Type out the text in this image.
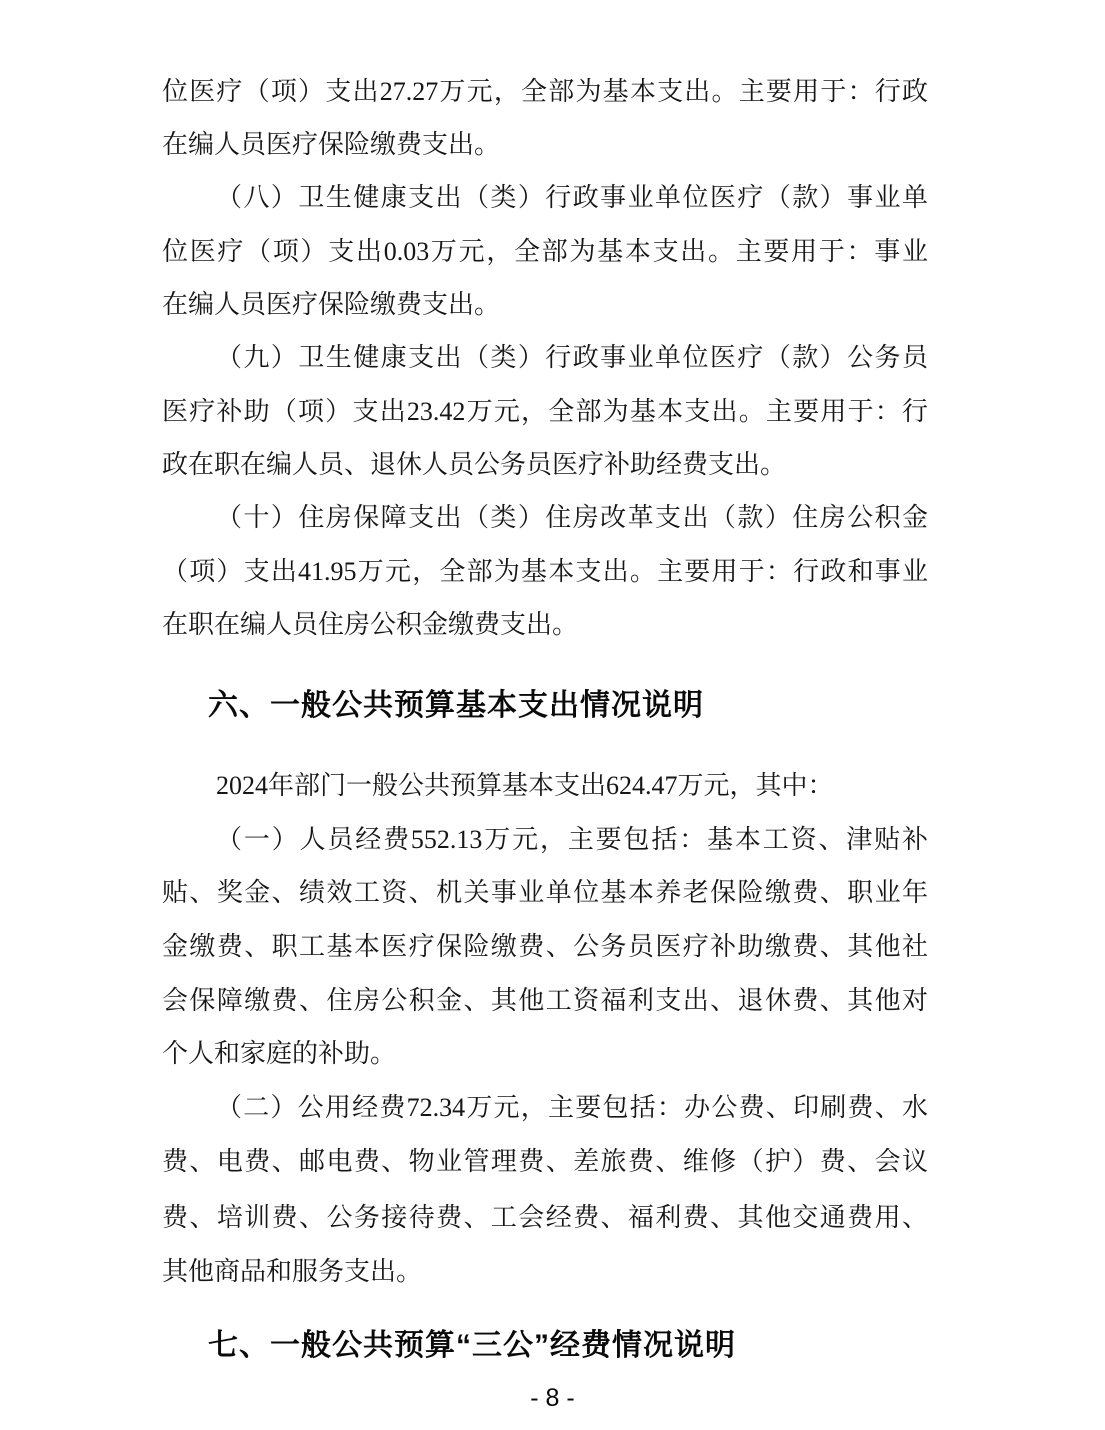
位医疗（项）支出27.27万元，全部为基本支出。主要用于：行政
在编人员医疗保险缴费支出。
（八）卫生健康支出（类）行政事业单位医疗（款）事业单
位医疗（项）支出0.03万元，全部为基本支出。主要用于：事业
在编人员医疗保险缴费支出。
（九）卫生健康支出（类）行政事业单位医疗（款）公务员
医疗补助（项）支出23.42万元，全部为基本支出。主要用于：行
政在职在编人员、退休人员公务员医疗补助经费支出。
（十）住房保障支出（类）住房改革支出（款）住房公积金
（项）支出41.95万元，全部为基本支出。主要用于：行政和事业
在职在编人员住房公积金缴费支出。
六、一般公共预算基本支出情况说明
2024年部门一般公共预算基本支出624.47万元，其中：
（一）人员经费552.13万元，主要包括：基本工资、津贴补
贴、奖金、绩效工资、机关事业单位基本养老保险缴费、职业年
金缴费、职工基本医疗保险缴费、公务员医疗补助缴费、其他社
会保障缴费、住房公积金、其他工资福利支出、退休费、其他对
个人和家庭的补助。
（二）公用经费72.34万元，主要包括：办公费、印刷费、水
费、电费、邮电费、物业管理费、差旅费、维修（护）费、会议
费、培训费、公务接待费、工会经费、福利费、其他交通费用、
其他商品和服务支出。
七、一般公共预算“三公”经费情况说明
- 8 -
